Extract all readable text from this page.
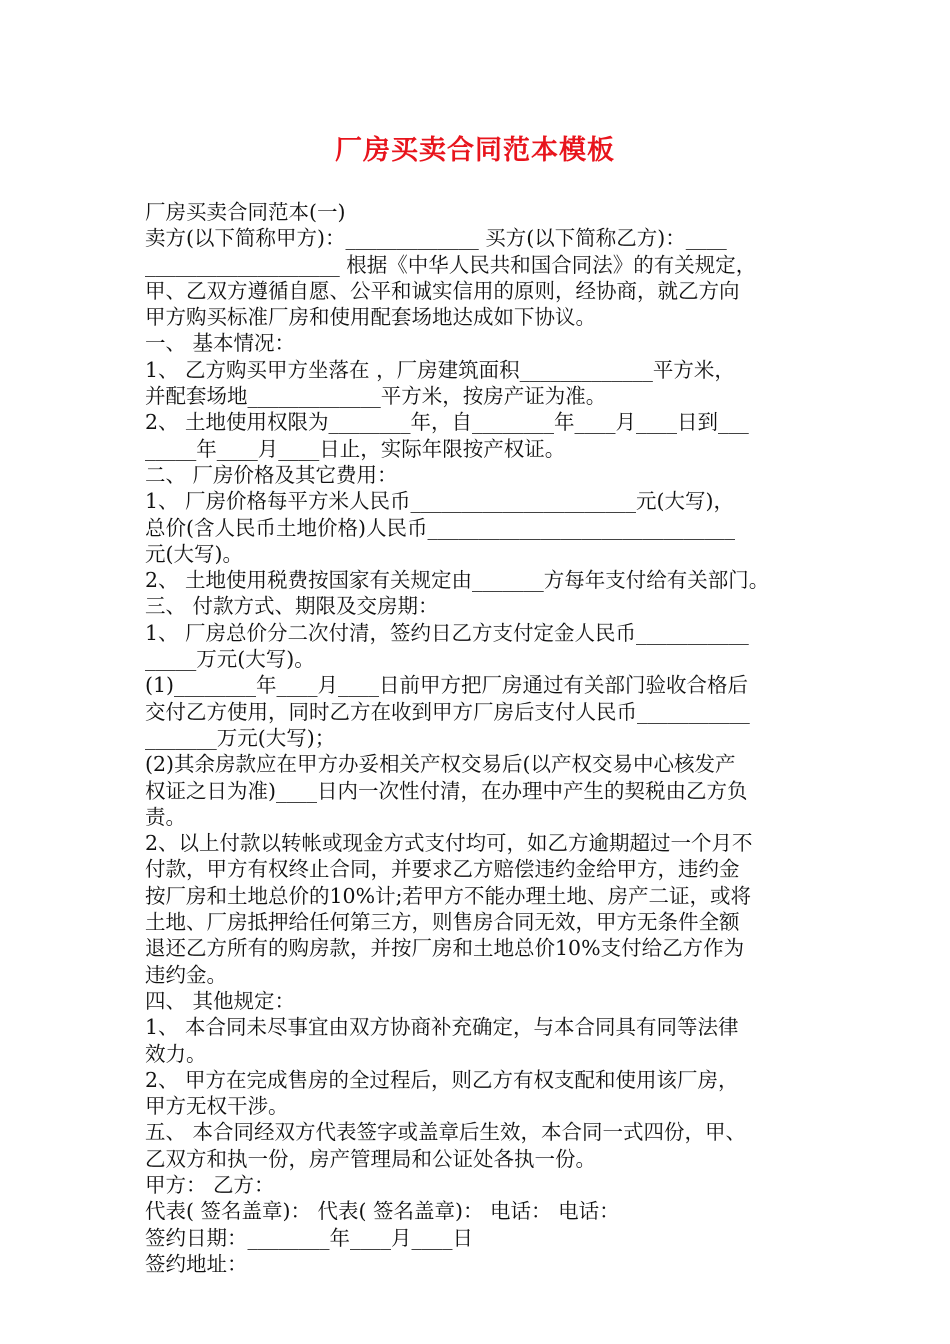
厂房买卖合同范本模板
厂房买卖合同范本(一)
卖方(以下简称甲方)：_____________ 买方(以下简称乙方)：____
___________________ 根据《中华人民共和国合同法》的有关规定，
甲、乙双方遵循自愿、公平和诚实信用的原则，经协商，就乙方向
甲方购买标准厂房和使用配套场地达成如下协议。
一、 基本情况：
1、 乙方购买甲方坐落在 ，厂房建筑面积_____________平方米，
并配套场地_____________平方米，按房产证为准。
2、 土地使用权限为________年，自________年____月____日到___
_____年____月____日止，实际年限按产权证。
二、 厂房价格及其它费用：
1、 厂房价格每平方米人民币______________________元(大写)，
总价(含人民币土地价格)人民币______________________________
元(大写)。
2、 土地使用税费按国家有关规定由_______方每年支付给有关部门。
三、 付款方式、期限及交房期：
1、 厂房总价分二次付清，签约日乙方支付定金人民币___________
_____万元(大写)。
(1)________年____月____日前甲方把厂房通过有关部门验收合格后
交付乙方使用，同时乙方在收到甲方厂房后支付人民币___________
_______万元(大写)；
(2)其余房款应在甲方办妥相关产权交易后(以产权交易中心核发产
权证之日为准)____日内一次性付清，在办理中产生的契税由乙方负
责。
2、以上付款以转帐或现金方式支付均可，如乙方逾期超过一个月不
付款，甲方有权终止合同，并要求乙方赔偿违约金给甲方，违约金
按厂房和土地总价的10%计;若甲方不能办理土地、房产二证，或将
土地、厂房抵押给任何第三方，则售房合同无效，甲方无条件全额
退还乙方所有的购房款，并按厂房和土地总价10%支付给乙方作为
违约金。
四、 其他规定：
1、 本合同未尽事宜由双方协商补充确定，与本合同具有同等法律
效力。
2、 甲方在完成售房的全过程后，则乙方有权支配和使用该厂房，
甲方无权干涉。
五、 本合同经双方代表签字或盖章后生效，本合同一式四份，甲、
乙双方和执一份，房产管理局和公证处各执一份。
甲方： 乙方：
代表( 签名盖章)： 代表( 签名盖章)： 电话： 电话：
签约日期：________年____月____日
签约地址：
